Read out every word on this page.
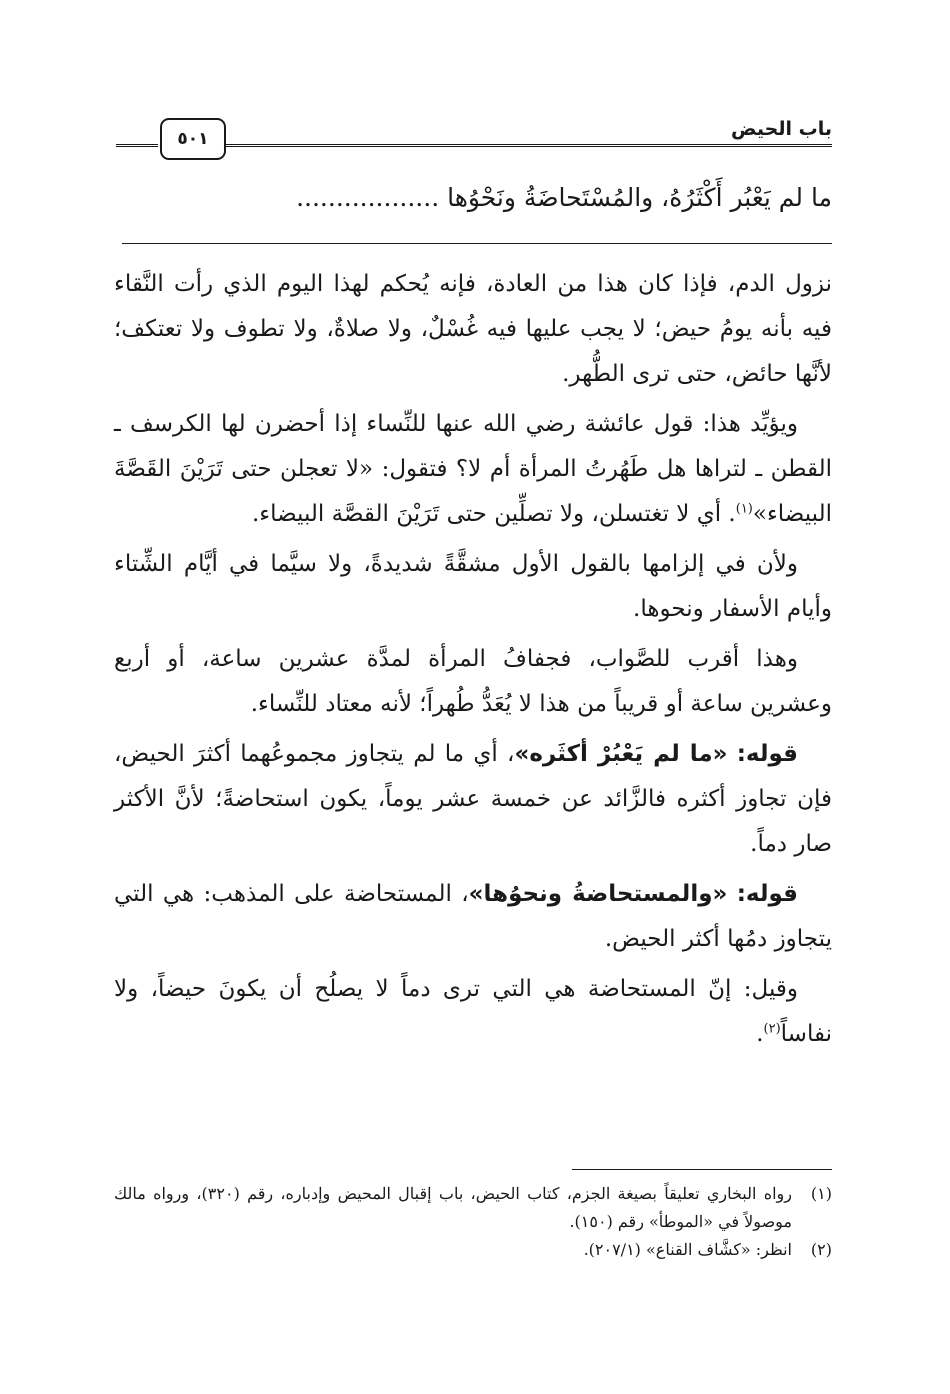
باب الحيض
٥٠١
ما لم يَعْبُر أَكْثَرُهُ، والمُسْتَحاضَةُ ونَحْوُها ..................

نزول الدم، فإذا كان هذا من العادة، فإنه يُحكم لهذا اليوم الذي رأت النَّقاء فيه بأنه يومُ حيض؛ لا يجب عليها فيه غُسْلٌ، ولا صلاةٌ، ولا تطوف ولا تعتكف؛ لأنَّها حائض، حتى ترى الطُّهر.

ويؤيِّد هذا: قول عائشة رضي الله عنها للنِّساء إذا أحضرن لها الكرسف ـ القطن ـ لتراها هل طَهُرتُ المرأة أم لا؟ فتقول: «لا تعجلن حتى تَرَيْنَ القَصَّةَ البيضاء»$^{(١)}$. أي لا تغتسلن، ولا تصلِّين حتى تَرَيْنَ القصَّة البيضاء.

ولأن في إلزامها بالقول الأول مشقَّةً شديدةً، ولا سيَّما في أيَّام الشِّتاء وأيام الأسفار ونحوها.

وهذا أقرب للصَّواب، فجفافُ المرأة لمدَّة عشرين ساعة، أو أربع وعشرين ساعة أو قريباً من هذا لا يُعَدُّ طُهراً؛ لأنه معتاد للنِّساء.

قوله: «ما لم يَعْبُرْ أكثَره»، أي ما لم يتجاوز مجموعُهما أكثرَ الحيض، فإن تجاوز أكثره فالزَّائد عن خمسة عشر يوماً، يكون استحاضةً؛ لأنَّ الأكثر صار دماً.

قوله: «والمستحاضةُ ونحوُها»، المستحاضة على المذهب: هي التي يتجاوز دمُها أكثر الحيض.

وقيل: إنّ المستحاضة هي التي ترى دماً لا يصلُح أن يكونَ حيضاً، ولا نفاساً$^{(٢)}$.

(١)
رواه البخاري تعليقاً بصيغة الجزم، كتاب الحيض، باب إقبال المحيض وإدباره، رقم (٣٢٠)، ورواه مالك موصولاً في «الموطأ» رقم (١٥٠).
(٢)
انظر: «كشَّاف القناع» (٢٠٧/١).
